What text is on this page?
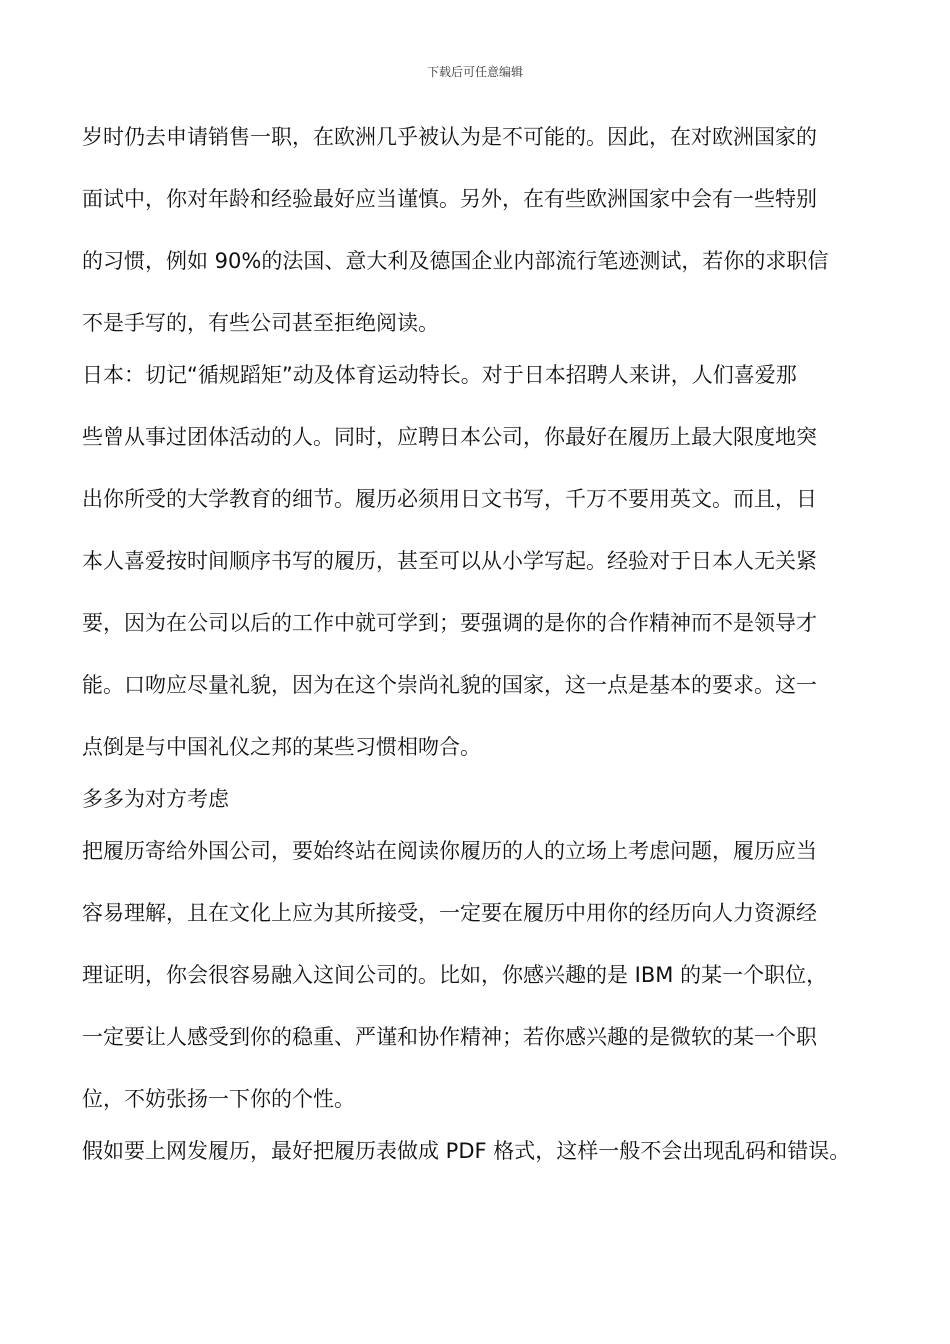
下载后可任意编辑
岁时仍去申请销售一职，在欧洲几乎被认为是不可能的。因此，在对欧洲国家的
面试中，你对年龄和经验最好应当谨慎。另外，在有些欧洲国家中会有一些特别
的习惯，例如 90%的法国、意大利及德国企业内部流行笔迹测试，若你的求职信
不是手写的，有些公司甚至拒绝阅读。
日本：切记“循规蹈矩”动及体育运动特长。对于日本招聘人来讲，人们喜爱那
些曾从事过团体活动的人。同时，应聘日本公司，你最好在履历上最大限度地突
出你所受的大学教育的细节。履历必须用日文书写，千万不要用英文。而且，日
本人喜爱按时间顺序书写的履历，甚至可以从小学写起。经验对于日本人无关紧
要，因为在公司以后的工作中就可学到；要强调的是你的合作精神而不是领导才
能。口吻应尽量礼貌，因为在这个崇尚礼貌的国家，这一点是基本的要求。这一
点倒是与中国礼仪之邦的某些习惯相吻合。
多多为对方考虑
把履历寄给外国公司，要始终站在阅读你履历的人的立场上考虑问题，履历应当
容易理解，且在文化上应为其所接受，一定要在履历中用你的经历向人力资源经
理证明，你会很容易融入这间公司的。比如，你感兴趣的是 IBM 的某一个职位，
一定要让人感受到你的稳重、严谨和协作精神；若你感兴趣的是微软的某一个职
位，不妨张扬一下你的个性。
假如要上网发履历，最好把履历表做成 PDF 格式，这样一般不会出现乱码和错误。
